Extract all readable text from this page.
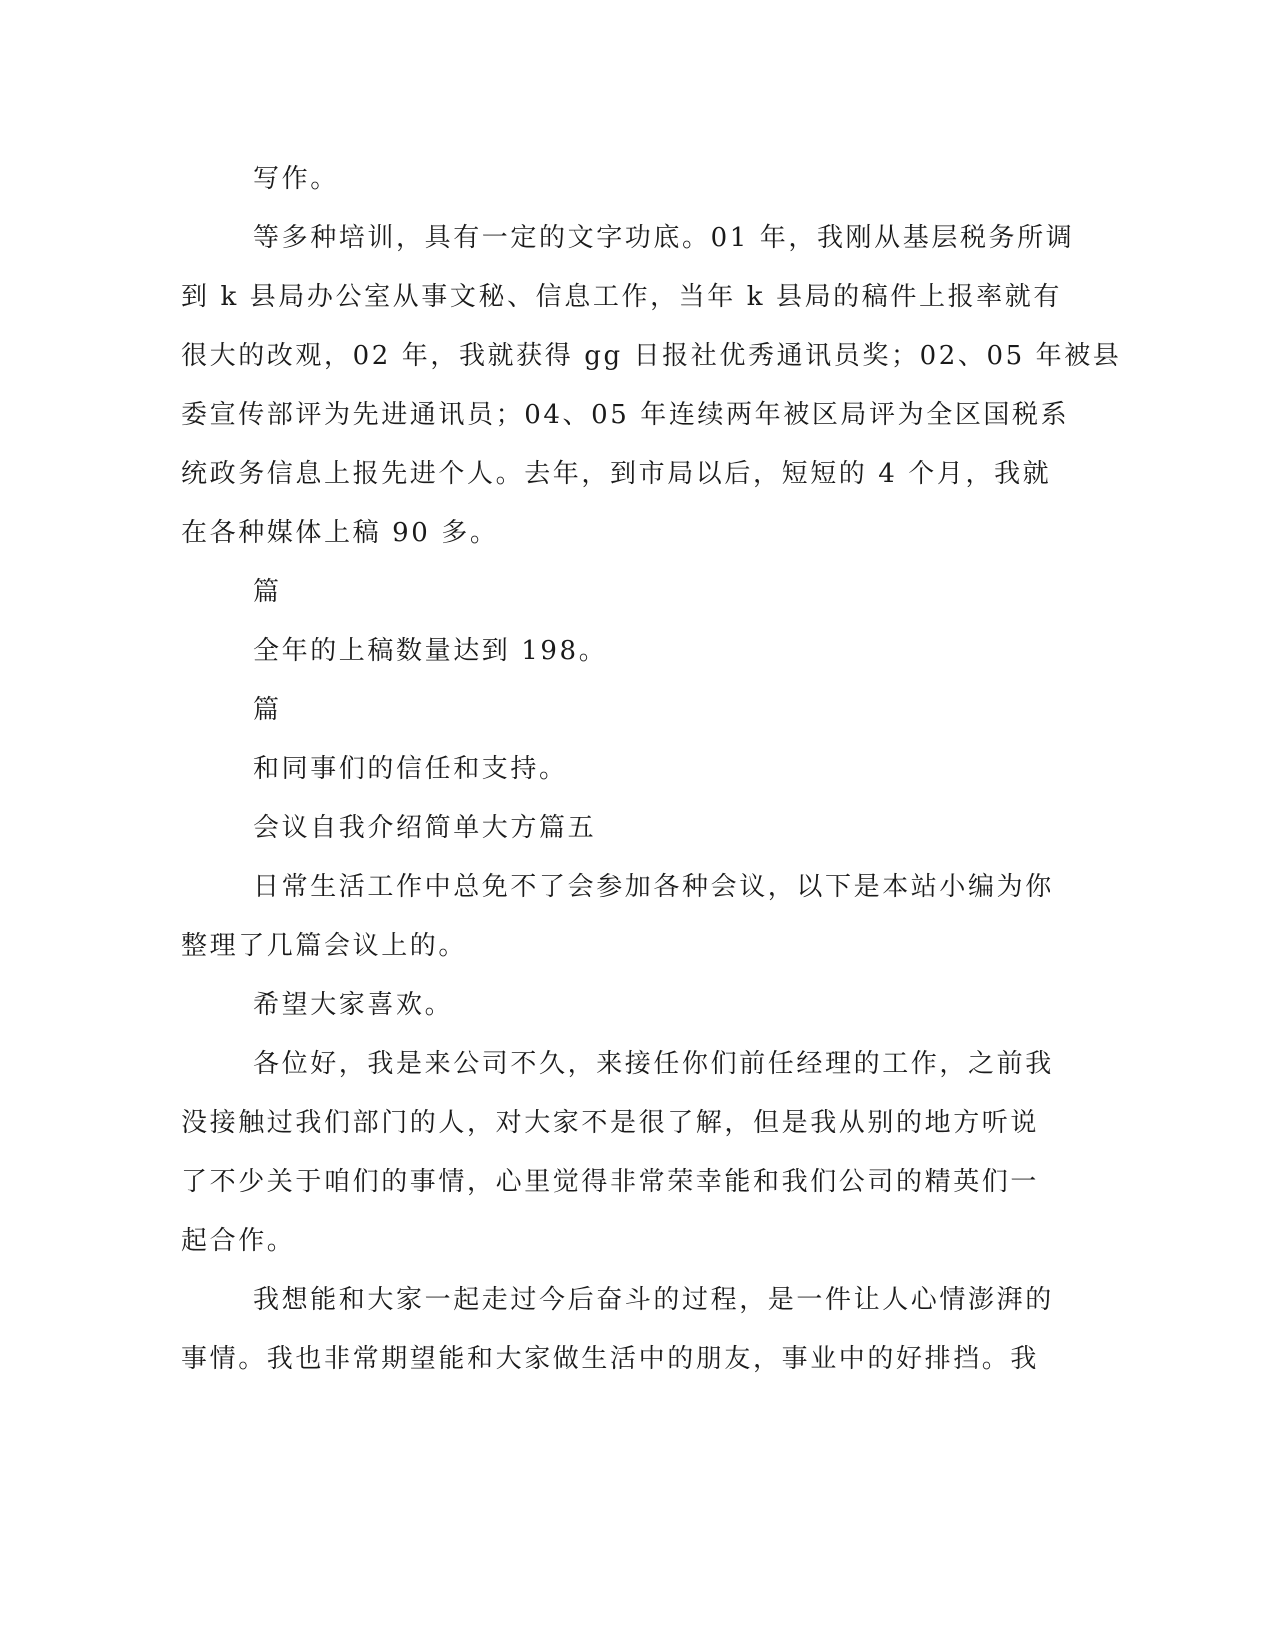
写作。
等多种培训，具有一定的文字功底。01 年，我刚从基层税务所调
到 k 县局办公室从事文秘、信息工作，当年 k 县局的稿件上报率就有
很大的改观，02 年，我就获得 gg 日报社优秀通讯员奖；02、05 年被县
委宣传部评为先进通讯员；04、05 年连续两年被区局评为全区国税系
统政务信息上报先进个人。去年，到市局以后，短短的 4 个月，我就
在各种媒体上稿 90 多。
篇
全年的上稿数量达到 198。
篇
和同事们的信任和支持。
会议自我介绍简单大方篇五
日常生活工作中总免不了会参加各种会议，以下是本站小编为你
整理了几篇会议上的。
希望大家喜欢。
各位好，我是来公司不久，来接任你们前任经理的工作，之前我
没接触过我们部门的人，对大家不是很了解，但是我从别的地方听说
了不少关于咱们的事情，心里觉得非常荣幸能和我们公司的精英们一
起合作。
我想能和大家一起走过今后奋斗的过程，是一件让人心情澎湃的
事情。我也非常期望能和大家做生活中的朋友，事业中的好排挡。我
